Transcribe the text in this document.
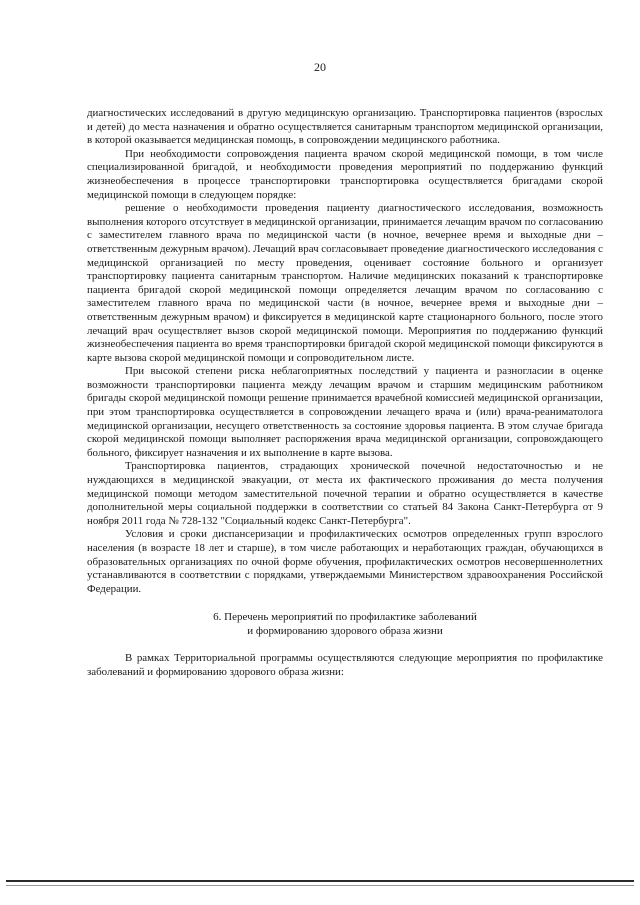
20

диагностических исследований в другую медицинскую организацию. Транспортировка пациентов (взрослых и детей) до места назначения и обратно осуществляется санитарным транспортом медицинской организации, в которой оказывается медицинская помощь, в сопровождении медицинского работника.

При необходимости сопровождения пациента врачом скорой медицинской помощи, в том числе специализированной бригадой, и необходимости проведения мероприятий по поддержанию функций жизнеобеспечения в процессе транспортировки транспортировка осуществляется бригадами скорой медицинской помощи в следующем порядке:

решение о необходимости проведения пациенту диагностического исследования, возможность выполнения которого отсутствует в медицинской организации, принимается лечащим врачом по согласованию с заместителем главного врача по медицинской части (в ночное, вечернее время и выходные дни – ответственным дежурным врачом). Лечащий врач согласовывает проведение диагностического исследования с медицинской организацией по месту проведения, оценивает состояние больного и организует транспортировку пациента санитарным транспортом. Наличие медицинских показаний к транспортировке пациента бригадой скорой медицинской помощи определяется лечащим врачом по согласованию с заместителем главного врача по медицинской части (в ночное, вечернее время и выходные дни – ответственным дежурным врачом) и фиксируется в медицинской карте стационарного больного, после этого лечащий врач осуществляет вызов скорой медицинской помощи. Мероприятия по поддержанию функций жизнеобеспечения пациента во время транспортировки бригадой скорой медицинской помощи фиксируются в карте вызова скорой медицинской помощи и сопроводительном листе.

При высокой степени риска неблагоприятных последствий у пациента и разногласии в оценке возможности транспортировки пациента между лечащим врачом и старшим медицинским работником бригады скорой медицинской помощи решение принимается врачебной комиссией медицинской организации, при этом транспортировка осуществляется в сопровождении лечащего врача и (или) врача-реаниматолога медицинской организации, несущего ответственность за состояние здоровья пациента. В этом случае бригада скорой медицинской помощи выполняет распоряжения врача медицинской организации, сопровождающего больного, фиксирует назначения и их выполнение в карте вызова.

Транспортировка пациентов, страдающих хронической почечной недостаточностью и не нуждающихся в медицинской эвакуации, от места их фактического проживания до места получения медицинской помощи методом заместительной почечной терапии и обратно осуществляется в качестве дополнительной меры социальной поддержки в соответствии со статьей 84 Закона Санкт-Петербурга от 9 ноября 2011 года № 728-132 "Социальный кодекс Санкт-Петербурга".

Условия и сроки диспансеризации и профилактических осмотров определенных групп взрослого населения (в возрасте 18 лет и старше), в том числе работающих и неработающих граждан, обучающихся в образовательных организациях по очной форме обучения, профилактических осмотров несовершеннолетних устанавливаются в соответствии с порядками, утверждаемыми Министерством здравоохранения Российской Федерации.

6. Перечень мероприятий по профилактике заболеваний

и формированию здорового образа жизни

В рамках Территориальной программы осуществляются следующие мероприятия по профилактике заболеваний и формированию здорового образа жизни:
